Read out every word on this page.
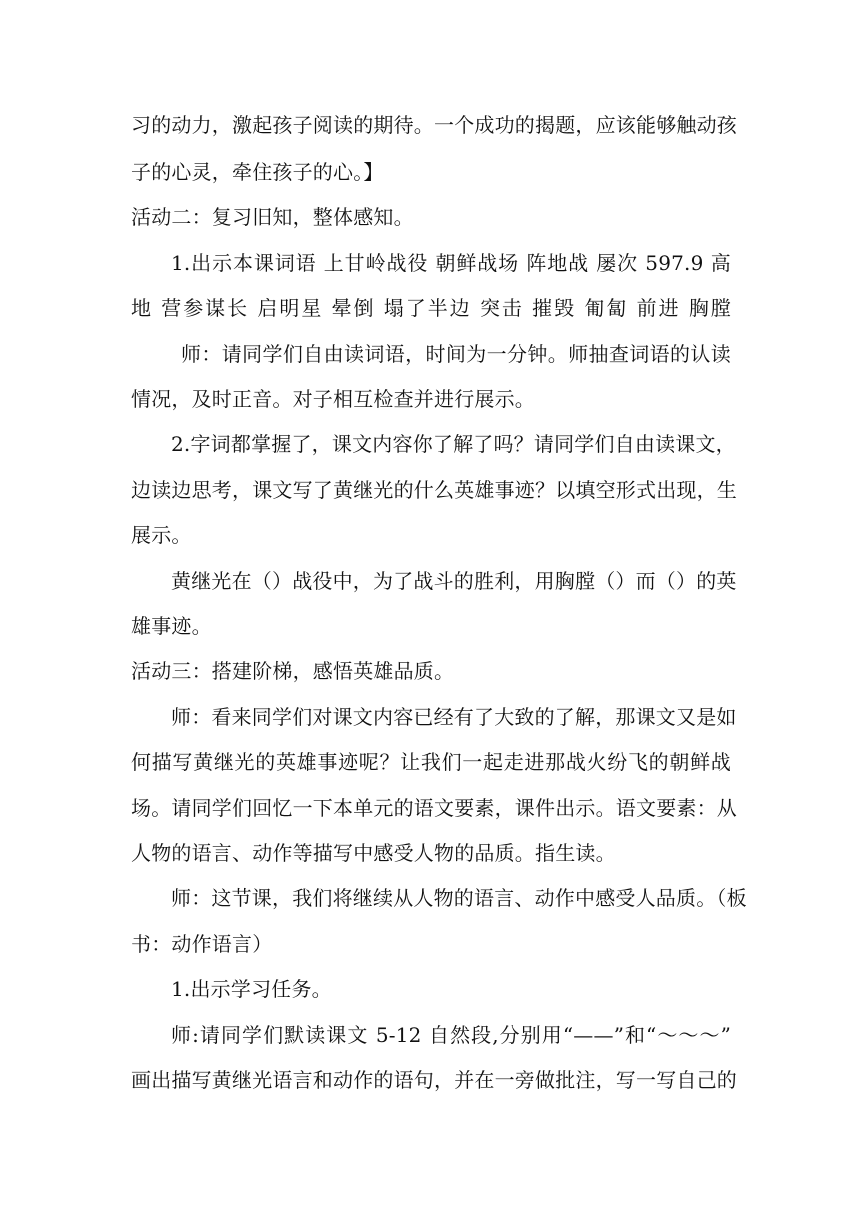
习的动力，激起孩子阅读的期待。一个成功的揭题，应该能够触动孩
子的心灵，牵住孩子的心。】
活动二：复习旧知，整体感知。
1.出示本课词语 上甘岭战役 朝鲜战场 阵地战 屡次 597.9 高
地 营参谋长 启明星 晕倒 塌了半边 突击 摧毁 匍匐 前进 胸膛
师：请同学们自由读词语，时间为一分钟。师抽查词语的认读
情况，及时正音。对子相互检查并进行展示。
2.字词都掌握了，课文内容你了解了吗？请同学们自由读课文，
边读边思考，课文写了黄继光的什么英雄事迹？以填空形式出现，生
展示。
黄继光在（）战役中，为了战斗的胜利，用胸膛（）而（）的英
雄事迹。
活动三：搭建阶梯，感悟英雄品质。
师：看来同学们对课文内容已经有了大致的了解，那课文又是如
何描写黄继光的英雄事迹呢？让我们一起走进那战火纷飞的朝鲜战
场。请同学们回忆一下本单元的语文要素，课件出示。语文要素：从
人物的语言、动作等描写中感受人物的品质。指生读。
师：这节课，我们将继续从人物的语言、动作中感受人品质。（板
书：动作语言）
1.出示学习任务。
师:请同学们默读课文 5-12 自然段,分别用“——”和“～～～”
画出描写黄继光语言和动作的语句，并在一旁做批注，写一写自己的
